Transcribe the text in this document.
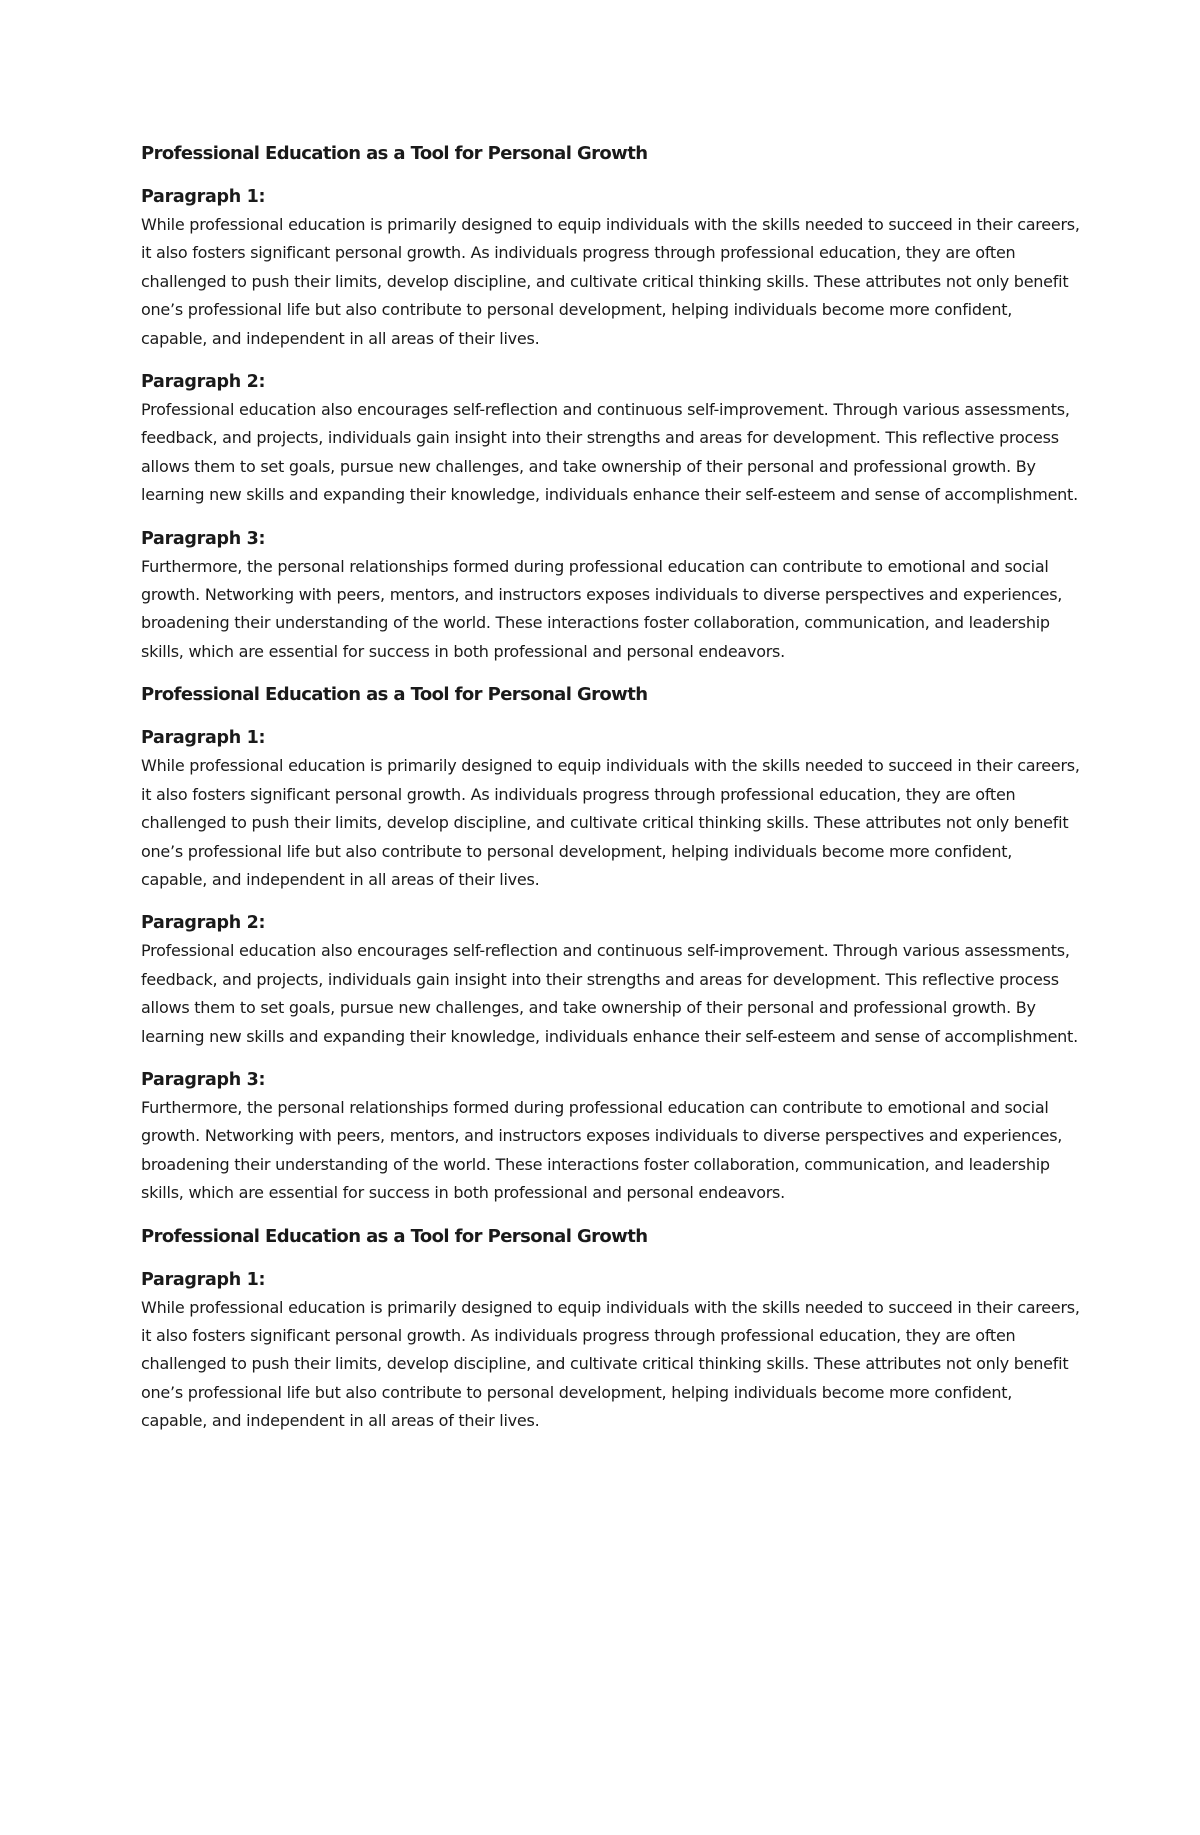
Professional Education as a Tool for Personal Growth
Paragraph 1:

While professional education is primarily designed to equip individuals with the skills needed to succeed in their careers, it also fosters significant personal growth. As individuals progress through professional education, they are often challenged to push their limits, develop discipline, and cultivate critical thinking skills. These attributes not only benefit one’s professional life but also contribute to personal development, helping individuals become more confident, capable, and independent in all areas of their lives.

Paragraph 2:

Professional education also encourages self-reflection and continuous self-improvement. Through various assessments, feedback, and projects, individuals gain insight into their strengths and areas for development. This reflective process allows them to set goals, pursue new challenges, and take ownership of their personal and professional growth. By learning new skills and expanding their knowledge, individuals enhance their self-esteem and sense of accomplishment.

Paragraph 3:

Furthermore, the personal relationships formed during professional education can contribute to emotional and social growth. Networking with peers, mentors, and instructors exposes individuals to diverse perspectives and experiences, broadening their understanding of the world. These interactions foster collaboration, communication, and leadership skills, which are essential for success in both professional and personal endeavors.

Professional Education as a Tool for Personal Growth
Paragraph 1:

While professional education is primarily designed to equip individuals with the skills needed to succeed in their careers, it also fosters significant personal growth. As individuals progress through professional education, they are often challenged to push their limits, develop discipline, and cultivate critical thinking skills. These attributes not only benefit one’s professional life but also contribute to personal development, helping individuals become more confident, capable, and independent in all areas of their lives.

Paragraph 2:

Professional education also encourages self-reflection and continuous self-improvement. Through various assessments, feedback, and projects, individuals gain insight into their strengths and areas for development. This reflective process allows them to set goals, pursue new challenges, and take ownership of their personal and professional growth. By learning new skills and expanding their knowledge, individuals enhance their self-esteem and sense of accomplishment.

Paragraph 3:

Furthermore, the personal relationships formed during professional education can contribute to emotional and social growth. Networking with peers, mentors, and instructors exposes individuals to diverse perspectives and experiences, broadening their understanding of the world. These interactions foster collaboration, communication, and leadership skills, which are essential for success in both professional and personal endeavors.

Professional Education as a Tool for Personal Growth
Paragraph 1:

While professional education is primarily designed to equip individuals with the skills needed to succeed in their careers, it also fosters significant personal growth. As individuals progress through professional education, they are often challenged to push their limits, develop discipline, and cultivate critical thinking skills. These attributes not only benefit one’s professional life but also contribute to personal development, helping individuals become more confident, capable, and independent in all areas of their lives.
